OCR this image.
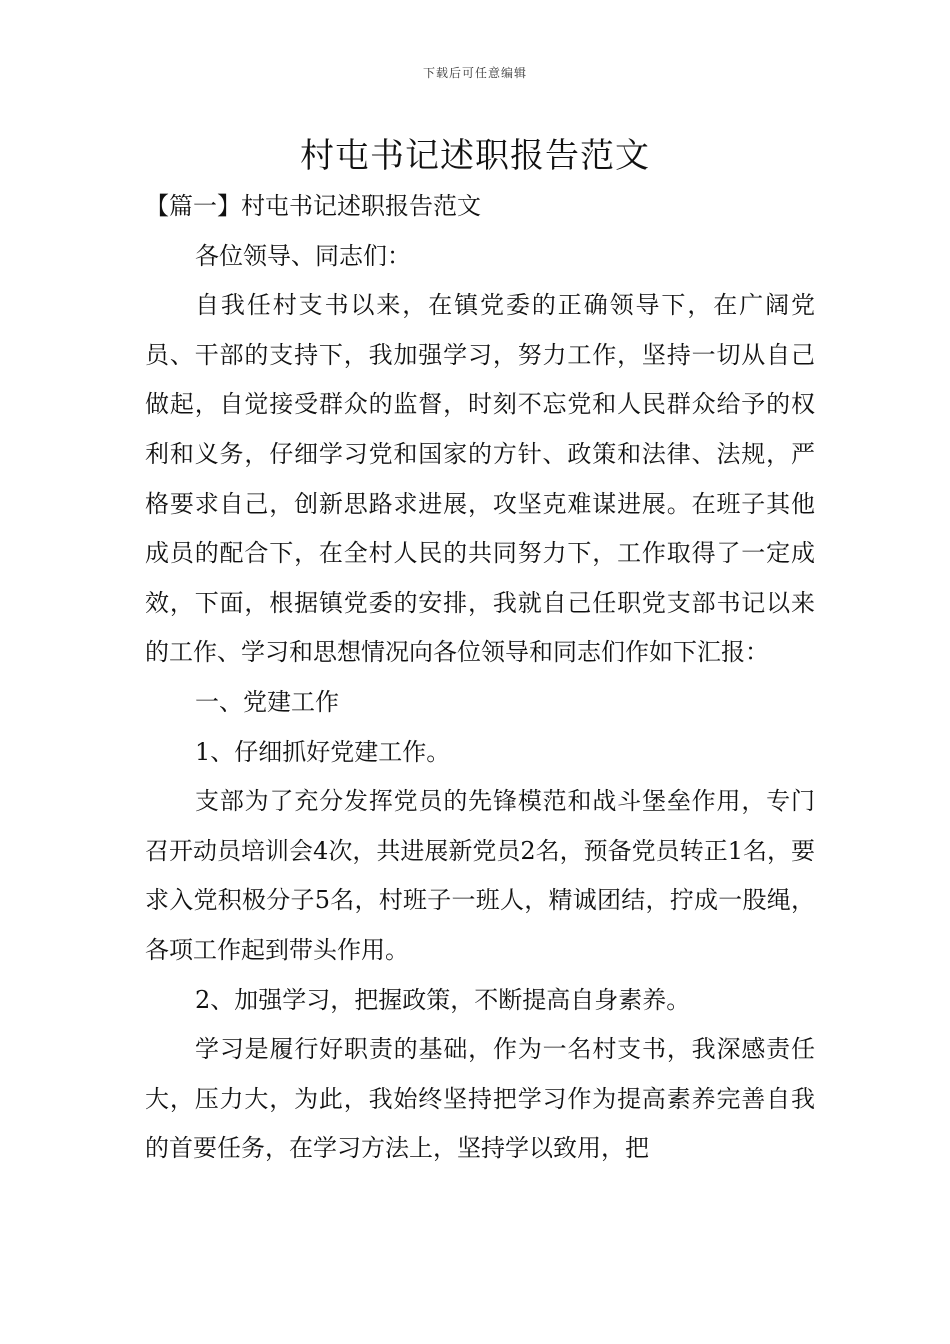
下载后可任意编辑
村屯书记述职报告范文

【篇一】村屯书记述职报告范文

各位领导、同志们：

自我任村支书以来，在镇党委的正确领导下，在广阔党员、干部的支持下，我加强学习，努力工作，坚持一切从自己做起，自觉接受群众的监督，时刻不忘党和人民群众给予的权利和义务，仔细学习党和国家的方针、政策和法律、法规，严格要求自己，创新思路求进展，攻坚克难谋进展。在班子其他成员的配合下，在全村人民的共同努力下，工作取得了一定成效，下面，根据镇党委的安排，我就自己任职党支部书记以来的工作、学习和思想情况向各位领导和同志们作如下汇报：

一、党建工作

1、仔细抓好党建工作。

支部为了充分发挥党员的先锋模范和战斗堡垒作用，专门召开动员培训会4次，共进展新党员2名，预备党员转正1名，要求入党积极分子5名，村班子一班人，精诚团结，拧成一股绳，各项工作起到带头作用。

2、加强学习，把握政策，不断提高自身素养。

学习是履行好职责的基础，作为一名村支书，我深感责任大，压力大，为此，我始终坚持把学习作为提高素养完善自我的首要任务，在学习方法上，坚持学以致用，把
